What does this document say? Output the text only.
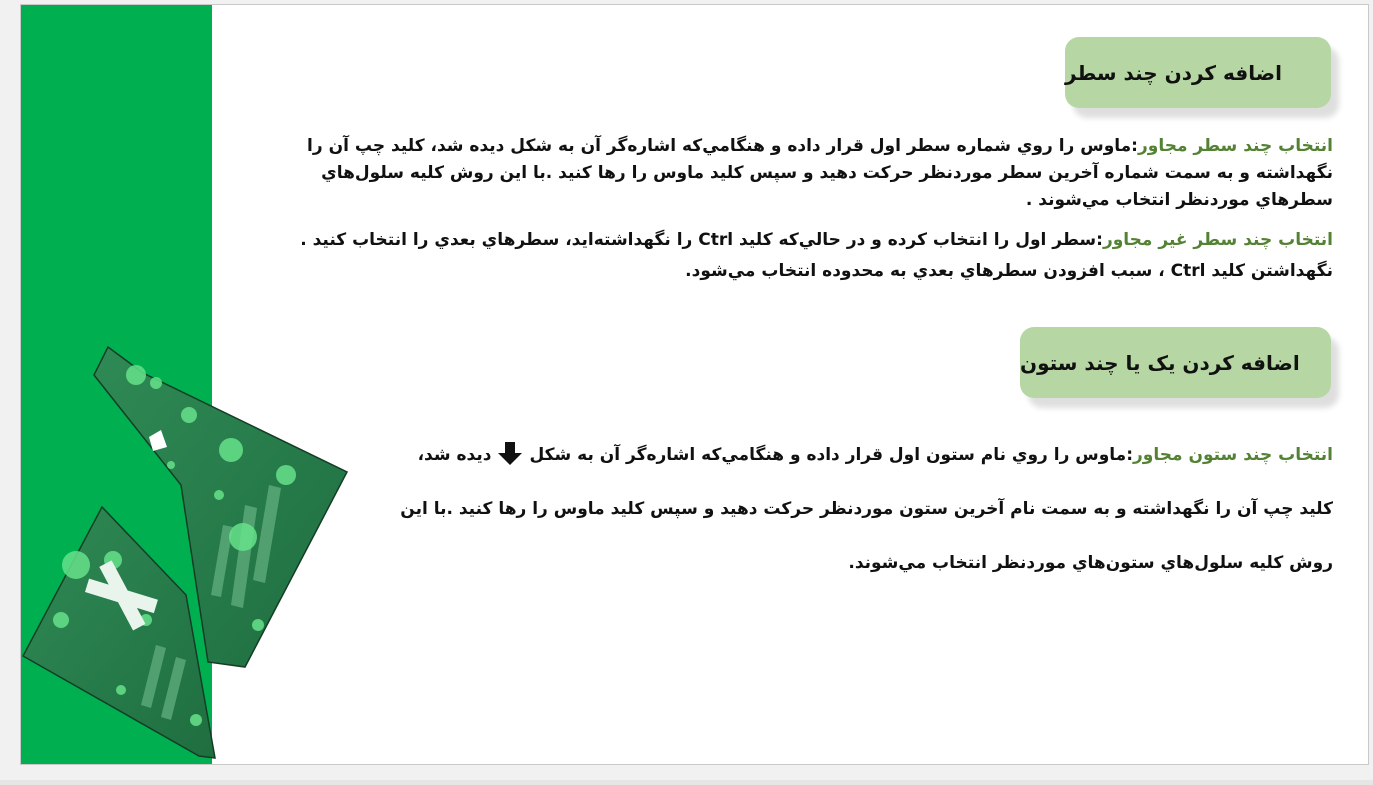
اضافه کردن چند سطر
اضافه کردن یک یا چند ستون
انتخاب چند سطر مجاور:ماوس را روي شماره سطر اول قرار داده و هنگامي‌که اشاره‌گر آن به شکل ديده شد، کليد چپ آن را
نگهداشته و به سمت شماره آخرين سطر موردنظر حرکت دهيد و سپس کليد ماوس را رها کنيد .با اين روش کليه سلول‌هاي
سطرهاي موردنظر انتخاب مي‌شوند .
انتخاب چند سطر غیر مجاور:سطر اول را انتخاب کرده و در حالي‌که کليد Ctrl را نگهداشته‌ايد، سطرهاي بعدي را انتخاب کنيد .
نگهداشتن کليد Ctrl ، سبب افزودن سطرهاي بعدي به محدوده انتخاب مي‌شود.
انتخاب چند ستون مجاور:ماوس را روي نام ستون اول قرار داده و هنگامي‌که اشاره‌گر آن به شکلديده شد،
کليد چپ آن را نگهداشته و به سمت نام آخرين ستون موردنظر حرکت دهيد و سپس کليد ماوس را رها کنيد .با اين
روش کليه سلول‌هاي ستون‌هاي موردنظر انتخاب مي‌شوند.
